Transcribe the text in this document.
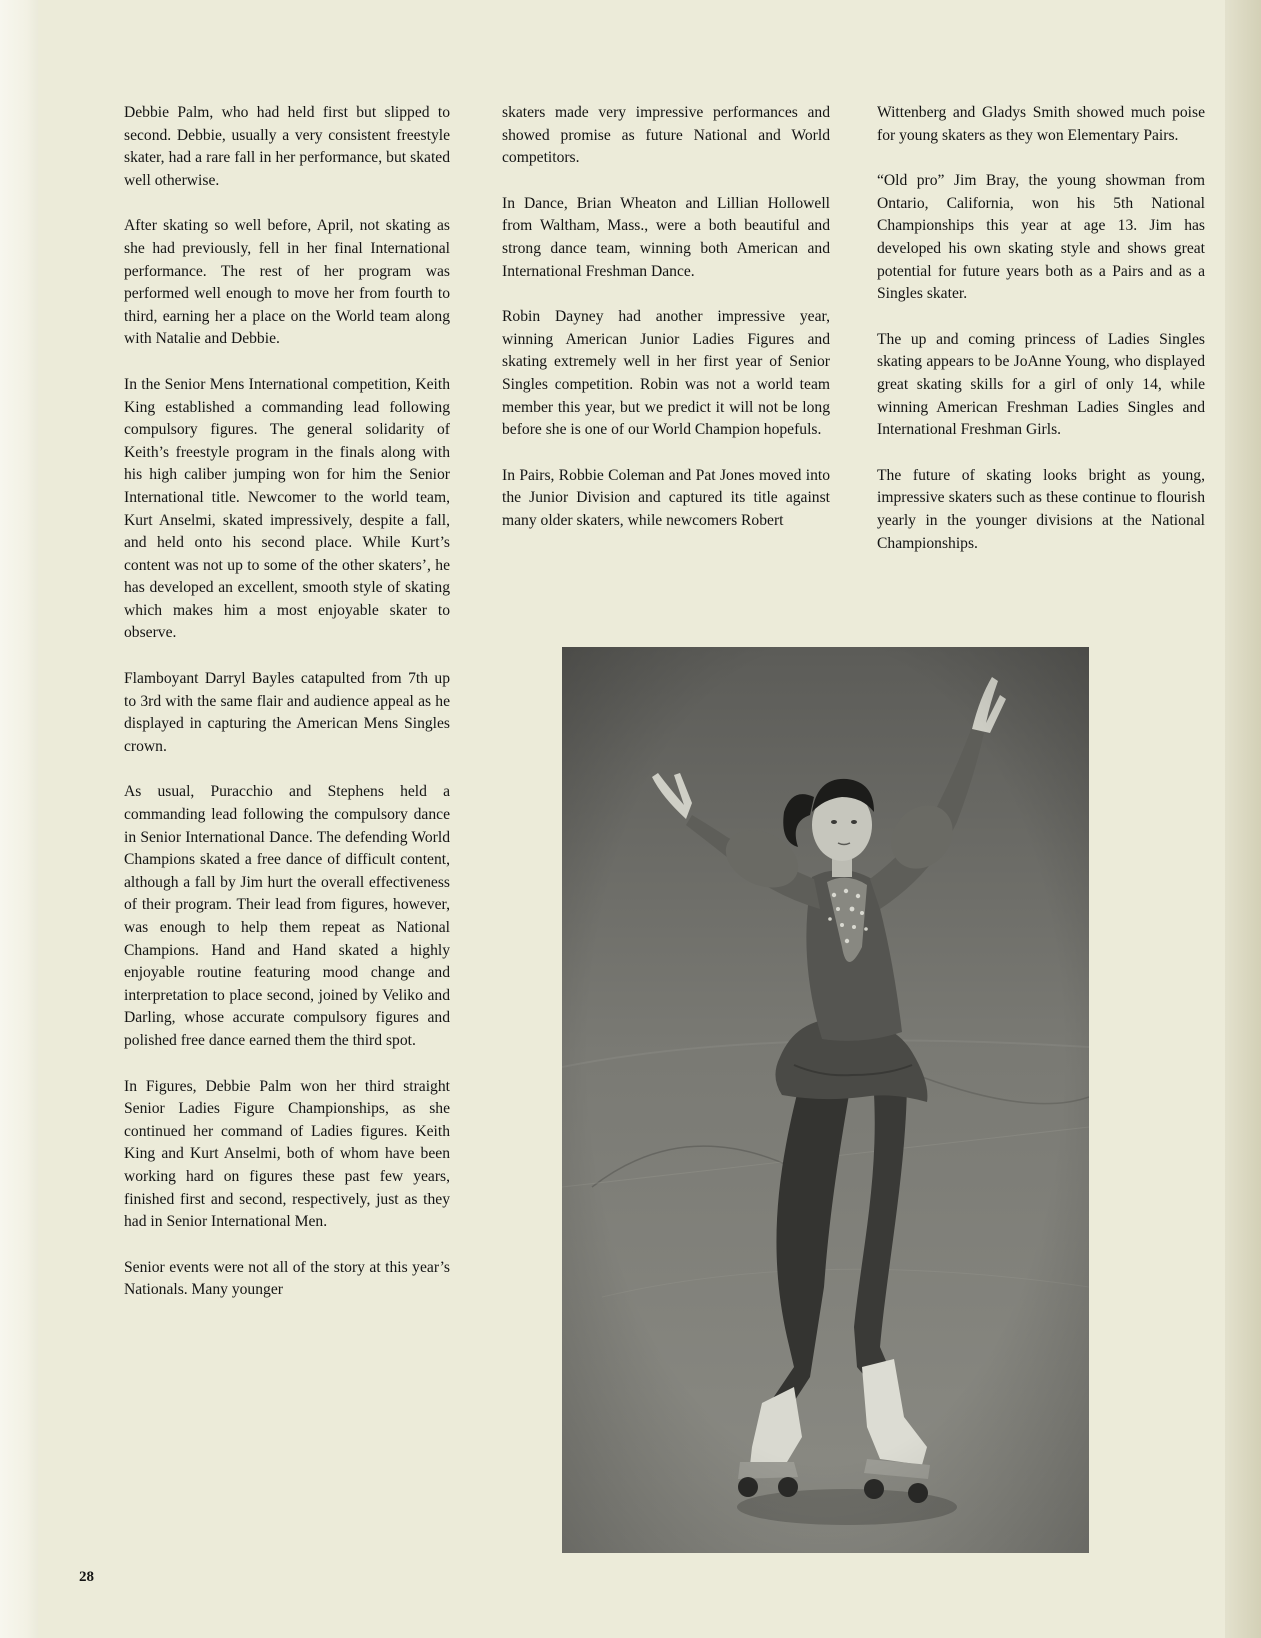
Debbie Palm, who had held first but slipped to second. Debbie, usually a very consistent freestyle skater, had a rare fall in her performance, but skated well otherwise.

After skating so well before, April, not skating as she had previously, fell in her final International performance. The rest of her program was performed well enough to move her from fourth to third, earning her a place on the World team along with Natalie and Debbie.

In the Senior Mens International competition, Keith King established a commanding lead following compulsory figures. The general solidarity of Keith’s freestyle program in the finals along with his high caliber jumping won for him the Senior International title. Newcomer to the world team, Kurt Anselmi, skated impressively, despite a fall, and held onto his second place. While Kurt’s content was not up to some of the other skaters’, he has developed an excellent, smooth style of skating which makes him a most enjoyable skater to observe.

Flamboyant Darryl Bayles catapulted from 7th up to 3rd with the same flair and audience appeal as he displayed in capturing the American Mens Singles crown.

As usual, Puracchio and Stephens held a commanding lead following the compulsory dance in Senior International Dance. The defending World Champions skated a free dance of difficult content, although a fall by Jim hurt the overall effectiveness of their program. Their lead from figures, however, was enough to help them repeat as National Champions. Hand and Hand skated a highly enjoyable routine featuring mood change and interpretation to place second, joined by Veliko and Darling, whose accurate compulsory figures and polished free dance earned them the third spot.

In Figures, Debbie Palm won her third straight Senior Ladies Figure Championships, as she continued her command of Ladies figures. Keith King and Kurt Anselmi, both of whom have been working hard on figures these past few years, finished first and second, respectively, just as they had in Senior International Men.

Senior events were not all of the story at this year’s Nationals. Many younger

skaters made very impressive performances and showed promise as future National and World competitors.

In Dance, Brian Wheaton and Lillian Hollowell from Waltham, Mass., were a both beautiful and strong dance team, winning both American and International Freshman Dance.

Robin Dayney had another impressive year, winning American Junior Ladies Figures and skating extremely well in her first year of Senior Singles competition. Robin was not a world team member this year, but we predict it will not be long before she is one of our World Champion hopefuls.

In Pairs, Robbie Coleman and Pat Jones moved into the Junior Division and captured its title against many older skaters, while newcomers Robert

Wittenberg and Gladys Smith showed much poise for young skaters as they won Elementary Pairs.

“Old pro” Jim Bray, the young showman from Ontario, California, won his 5th National Championships this year at age 13. Jim has developed his own skating style and shows great potential for future years both as a Pairs and as a Singles skater.

The up and coming princess of Ladies Singles skating appears to be JoAnne Young, who displayed great skating skills for a girl of only 14, while winning American Freshman Ladies Singles and International Freshman Girls.

The future of skating looks bright as young, impressive skaters such as these continue to flourish yearly in the younger divisions at the National Championships.

28
